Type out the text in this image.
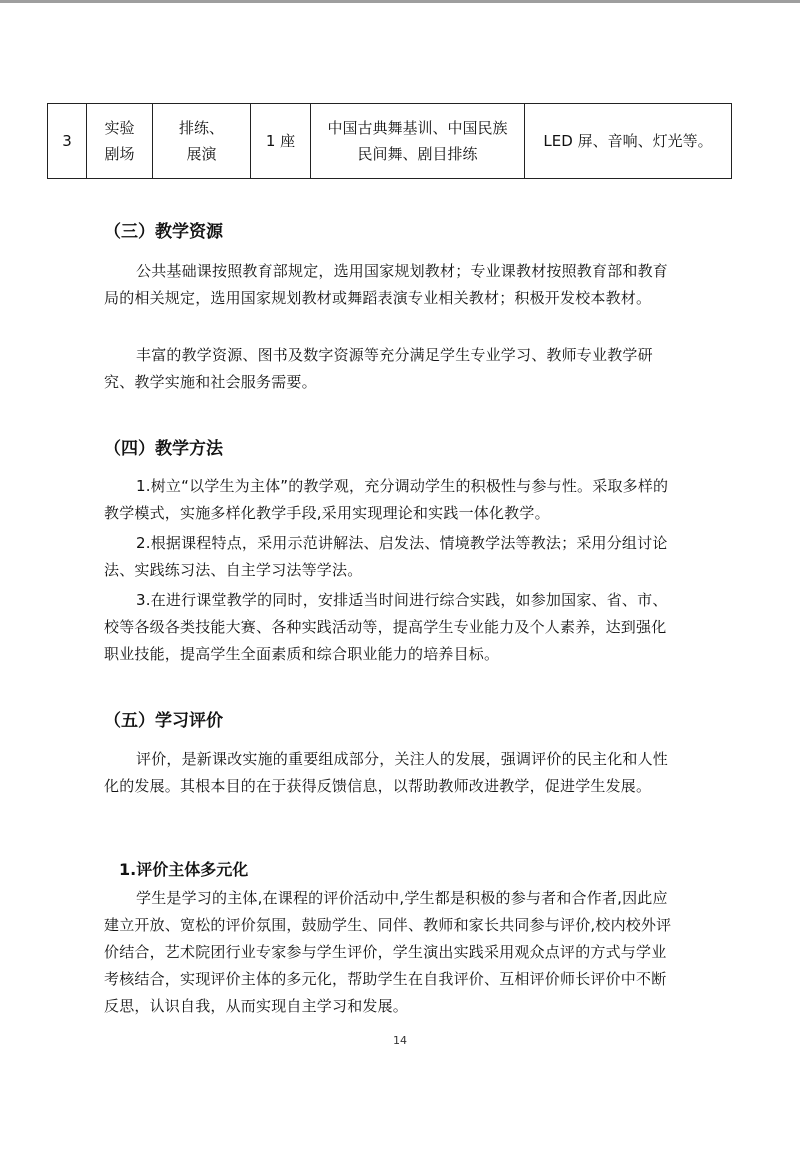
3	实验剧场	排练、展演	1 座	中国古典舞基训、中国民族民间舞、剧目排练	LED 屏、音响、灯光等。

（三）教学资源

公共基础课按照教育部规定，选用国家规划教材；专业课教材按照教育部和教育局的相关规定，选用国家规划教材或舞蹈表演专业相关教材；积极开发校本教材。

丰富的教学资源、图书及数字资源等充分满足学生专业学习、教师专业教学研究、教学实施和社会服务需要。

（四）教学方法

1.树立“以学生为主体”的教学观，充分调动学生的积极性与参与性。采取多样的教学模式，实施多样化教学手段,采用实现理论和实践一体化教学。

2.根据课程特点，采用示范讲解法、启发法、情境教学法等教法；采用分组讨论法、实践练习法、自主学习法等学法。

3.在进行课堂教学的同时，安排适当时间进行综合实践，如参加国家、省、市、校等各级各类技能大赛、各种实践活动等，提高学生专业能力及个人素养，达到强化职业技能，提高学生全面素质和综合职业能力的培养目标。

（五）学习评价

评价，是新课改实施的重要组成部分，关注人的发展，强调评价的民主化和人性化的发展。其根本目的在于获得反馈信息，以帮助教师改进教学，促进学生发展。

1.评价主体多元化

学生是学习的主体,在课程的评价活动中,学生都是积极的参与者和合作者,因此应建立开放、宽松的评价氛围，鼓励学生、同伴、教师和家长共同参与评价,校内校外评价结合，艺术院团行业专家参与学生评价，学生演出实践采用观众点评的方式与学业考核结合，实现评价主体的多元化，帮助学生在自我评价、互相评价师长评价中不断反思，认识自我，从而实现自主学习和发展。

14
